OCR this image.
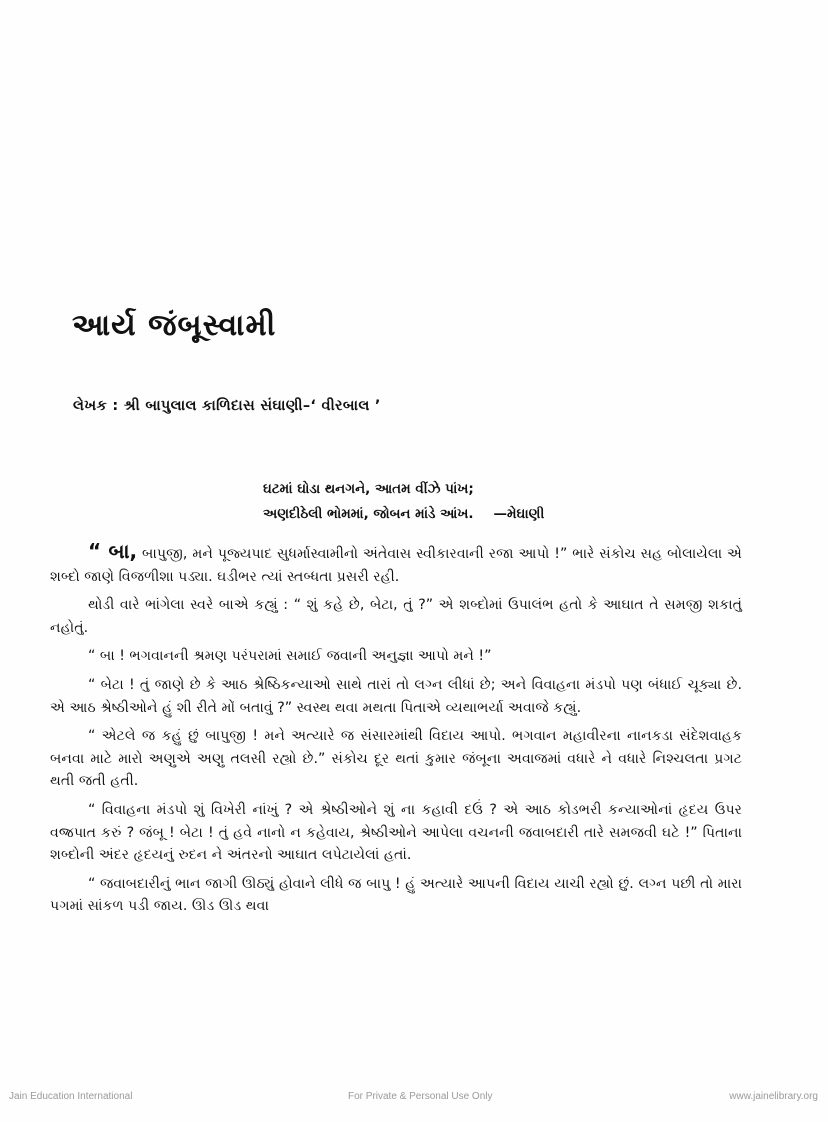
આર્ય જંબૂસ્વામી

લેખક : શ્રી બાપુલાલ કાળિદાસ સંઘાણી–‘ વીરબાલ ’

ઘટમાં ઘોડા થનગને, આતમ વીંઝે પાંખ;
અણદીઠેલી ભોમમાં, જોબન માંડે આંખ. —મેઘાણી

“ બા, બાપુજી, મને પૂજ્યપાદ સુધર્માસ્વામીનો અંતેવાસ સ્વીકારવાની રજા આપો !” ભારે સંકોચ સહ બોલાયેલા એ શબ્દો જાણે વિજળીશા પડ્યા. ઘડીભર ત્યાં સ્તબ્ધતા પ્રસરી રહી.

થોડી વારે ભાંગેલા સ્વરે બાએ કહ્યું : “ શું કહે છે, બેટા, તું ?” એ શબ્દોમાં ઉપાલંભ હતો કે આઘાત તે સમજી શકાતું નહોતું.

“ બા ! ભગવાનની શ્રમણ પરંપરામાં સમાઈ જવાની અનુજ્ઞા આપો મને !”

“ બેટા ! તું જાણે છે કે આઠ શ્રેષ્ઠિકન્યાઓ સાથે તારાં તો લગ્ન લીધાં છે; અને વિવાહના મંડપો પણ બંધાઈ ચૂક્યા છે. એ આઠ શ્રેષ્ઠીઓને હું શી રીતે મોં બતાવું ?” સ્વસ્થ થવા મથતા પિતાએ વ્યથાભર્યા અવાજે કહ્યું.

“ એટલે જ કહું છું બાપુજી ! મને અત્યારે જ સંસારમાંથી વિદાય આપો. ભગવાન મહાવીરના નાનકડા સંદેશવાહક બનવા માટે મારો અણુએ અણુ તલસી રહ્યો છે.” સંકોચ દૂર થતાં કુમાર જંબૂના અવાજમાં વધારે ને વધારે નિશ્ચલતા પ્રગટ થતી જતી હતી.

“ વિવાહના મંડપો શું વિખેરી નાંખું ? એ શ્રેષ્ઠીઓને શું ના કહાવી દઉં ? એ આઠ કોડભરી કન્યાઓનાં હૃદય ઉપર વજ્રપાત કરું ? જંબૂ ! બેટા ! તું હવે નાનો ન કહેવાય, શ્રેષ્ઠીઓને આપેલા વચનની જવાબદારી તારે સમજવી ઘટે !” પિતાના શબ્દોની અંદર હૃદયનું રુદન ને અંતરનો આઘાત લપેટાયેલાં હતાં.

“ જવાબદારીનું ભાન જાગી ઊઠ્યું હોવાને લીધે જ બાપુ ! હું અત્યારે આપની વિદાય યાચી રહ્યો છું. લગ્ન પછી તો મારા પગમાં સાંકળ પડી જાય. ઊડ ઊડ થવા

Jain Education International	For Private & Personal Use Only	www.jainelibrary.org
